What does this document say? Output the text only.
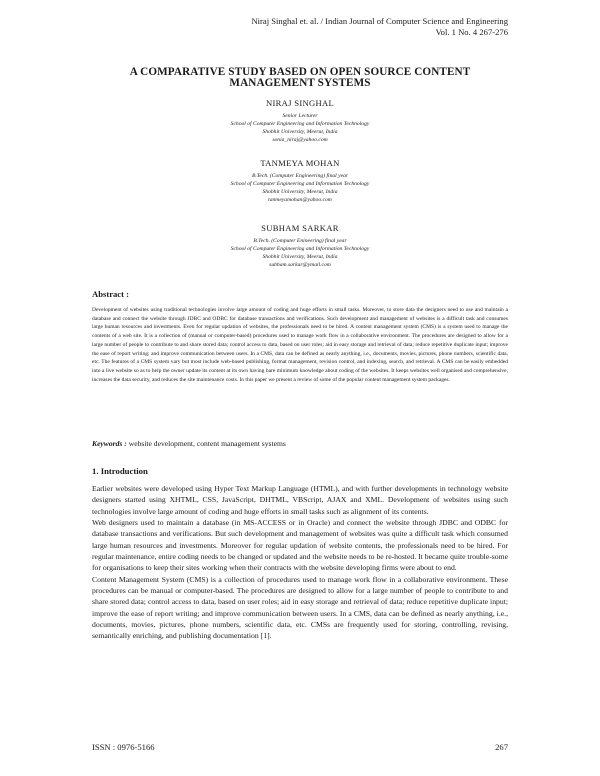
Niraj Singhal et. al. / Indian Journal of Computer Science and Engineering
Vol. 1 No. 4 267-276
A COMPARATIVE STUDY BASED ON OPEN SOURCE CONTENT
MANAGEMENT SYSTEMS
NIRAJ SINGHAL
Senior Lecturer
School of Computer Engineering and Information Technology
Shobhit University, Meerut, India
sonia_niraj@yahoo.com
TANMEYA MOHAN
B.Tech. (Computer Engineering) final year
School of Computer Engineering and Information Technology
Shobhit University, Meerut, India
tanmeyamohan@yahoo.com
SUBHAM SARKAR
B.Tech. (Computer Enineering) final year
School of Computer Engineering and Information Technology
Shobhit University, Meerut, India
subham.sarkar@ymail.com
Abstract :
Development of websites using traditional technologies involve large amount of coding and huge efforts in small tasks. Moreover, to store data the designers need to use and maintain a database and connect the website through JDBC and ODBC for database transactions and verifications. Such development and management of websites is a difficult task and consumes large human resources and investments. Even for regular updation of websites, the professionals need to be hired. A content management system (CMS) is a system used to manage the contents of a web site. It is a collection of (manual or computer-based) procedures used to manage work flow in a collaborative environment. The procedures are designed to allow for a large number of people to contribute to and share stored data; control access to data, based on user roles; aid in easy storage and retrieval of data; reduce repetitive duplicate input; improve the ease of report writing; and improve communication between users. In a CMS, data can be defined as nearly anything, i.e., documents, movies, pictures, phone numbers, scientific data, etc. The features of a CMS system vary but most include web-based publishing, format management, revision control, and indexing, search, and retrieval. A CMS can be easily embedded into a live website so as to help the owner update its content at its own having bare minimum knowledge about coding of the websites. It keeps websites well organised and comprehensive, increases the data security, and reduces the site maintenance costs. In this paper we present a review of some of the popular content management system packages.
Keywords : website development, content management systems
1. Introduction

Earlier websites were developed using Hyper Text Markup Language (HTML), and with further developments in technology website designers started using XHTML, CSS, JavaScript, DHTML, VBScript, AJAX and XML. Development of websites using such technologies involve large amount of coding and huge efforts in small tasks such as alignment of its contents.

Web designers used to maintain a database (in MS-ACCESS or in Oracle) and connect the website through JDBC and ODBC for database transactions and verifications. But such development and management of websites was quite a difficult task which consumed large human resources and investments. Moreover for regular updation of website contents, the professionals need to be hired. For regular maintenance, entire coding needs to be changed or updated and the website needs to be re-hosted. It became quite trouble-some for organisations to keep their sites working when their contracts with the website developing firms were about to end.

Content Management System (CMS) is a collection of procedures used to manage work flow in a collaborative environment. These procedures can be manual or computer-based. The procedures are designed to allow for a large number of people to contribute to and share stored data; control access to data, based on user roles; aid in easy storage and retrieval of data; reduce repetitive duplicate input; improve the ease of report writing; and improve communication between users. In a CMS, data can be defined as nearly anything, i.e., documents, movies, pictures, phone numbers, scientific data, etc. CMSs are frequently used for storing, controlling, revising, semantically enriching, and publishing documentation [1].

ISSN : 0976-5166	267
